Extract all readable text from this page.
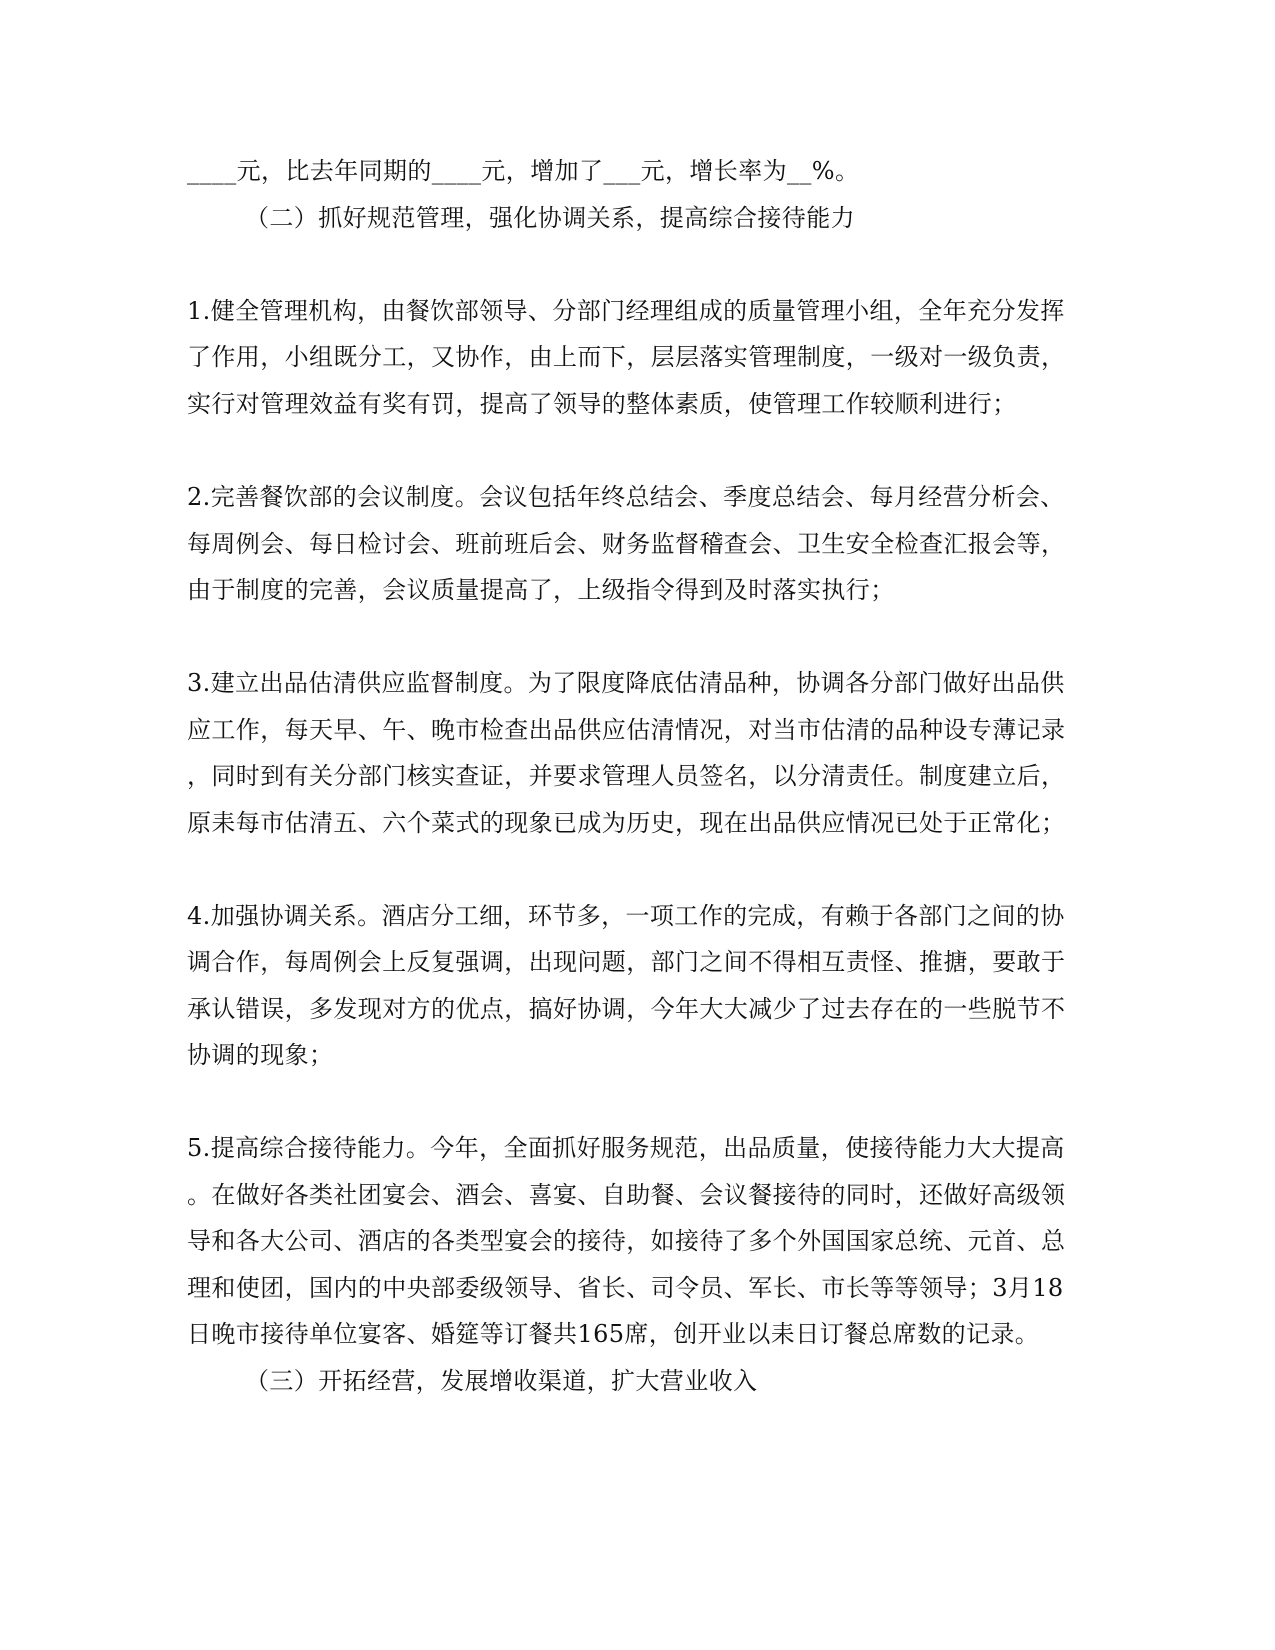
____元，比去年同期的____元，增加了___元，增长率为__%。
（二）抓好规范管理，强化协调关系，提高综合接待能力
1.健全管理机构，由餐饮部领导、分部门经理组成的质量管理小组，全年充分发挥
了作用，小组既分工，又协作，由上而下，层层落实管理制度，一级对一级负责，
实行对管理效益有奖有罚，提高了领导的整体素质，使管理工作较顺利进行；
2.完善餐饮部的会议制度。会议包括年终总结会、季度总结会、每月经营分析会、
每周例会、每日检讨会、班前班后会、财务监督稽查会、卫生安全检查汇报会等，
由于制度的完善，会议质量提高了，上级指令得到及时落实执行；
3.建立出品估清供应监督制度。为了限度降底估清品种，协调各分部门做好出品供
应工作，每天早、午、晚市检查出品供应估清情况，对当市估清的品种设专薄记录
，同时到有关分部门核实查证，并要求管理人员签名，以分清责任。制度建立后，
原耒每市估清五、六个菜式的现象已成为历史，现在出品供应情况已处于正常化；
4.加强协调关系。酒店分工细，环节多，一项工作的完成，有赖于各部门之间的协
调合作，每周例会上反复强调，出现问题，部门之间不得相互责怪、推搪，要敢于
承认错误，多发现对方的优点，搞好协调，今年大大减少了过去存在的一些脱节不
协调的现象；
5.提高综合接待能力。今年，全面抓好服务规范，出品质量，使接待能力大大提高
。在做好各类社团宴会、酒会、喜宴、自助餐、会议餐接待的同时，还做好高级领
导和各大公司、酒店的各类型宴会的接待，如接待了多个外国国家总统、元首、总
理和使团，国内的中央部委级领导、省长、司令员、军长、市长等等领导；3月18
日晚市接待单位宴客、婚筵等订餐共165席，创开业以耒日订餐总席数的记录。
（三）开拓经营，发展增收渠道，扩大营业收入
